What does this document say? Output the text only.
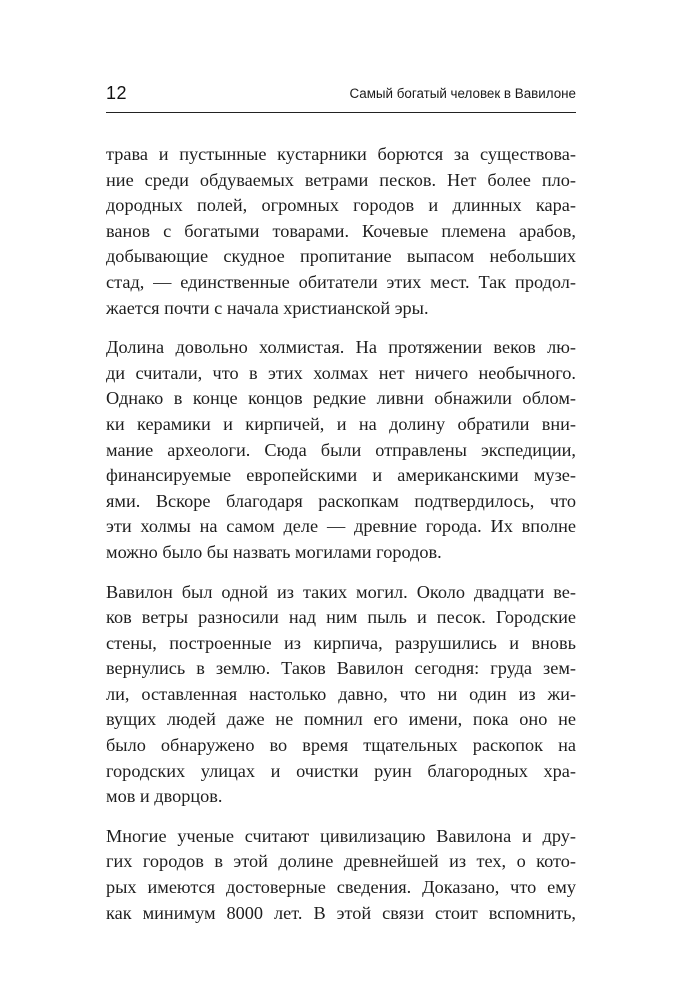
12	Самый богатый человек в Вавилоне
трава и пустынные кустарники борются за существова-
ние среди обдуваемых ветрами песков. Нет более пло-
дородных полей, огромных городов и длинных кара-
ванов с богатыми товарами. Кочевые племена арабов,
добывающие скудное пропитание выпасом небольших
стад, — единственные обитатели этих мест. Так продол-
жается почти с начала христианской эры.
Долина довольно холмистая. На протяжении веков лю-
ди считали, что в этих холмах нет ничего необычного.
Однако в конце концов редкие ливни обнажили облом-
ки керамики и кирпичей, и на долину обратили вни-
мание археологи. Сюда были отправлены экспедиции,
финансируемые европейскими и американскими музе-
ями. Вскоре благодаря раскопкам подтвердилось, что
эти холмы на самом деле — древние города. Их вполне
можно было бы назвать могилами городов.
Вавилон был одной из таких могил. Около двадцати ве-
ков ветры разносили над ним пыль и песок. Городские
стены, построенные из кирпича, разрушились и вновь
вернулись в землю. Таков Вавилон сегодня: груда зем-
ли, оставленная настолько давно, что ни один из жи-
вущих людей даже не помнил его имени, пока оно не
было обнаружено во время тщательных раскопок на
городских улицах и очистки руин благородных хра-
мов и дворцов.
Многие ученые считают цивилизацию Вавилона и дру-
гих городов в этой долине древнейшей из тех, о кото-
рых имеются достоверные сведения. Доказано, что ему
как минимум 8000 лет. В этой связи стоит вспомнить,
